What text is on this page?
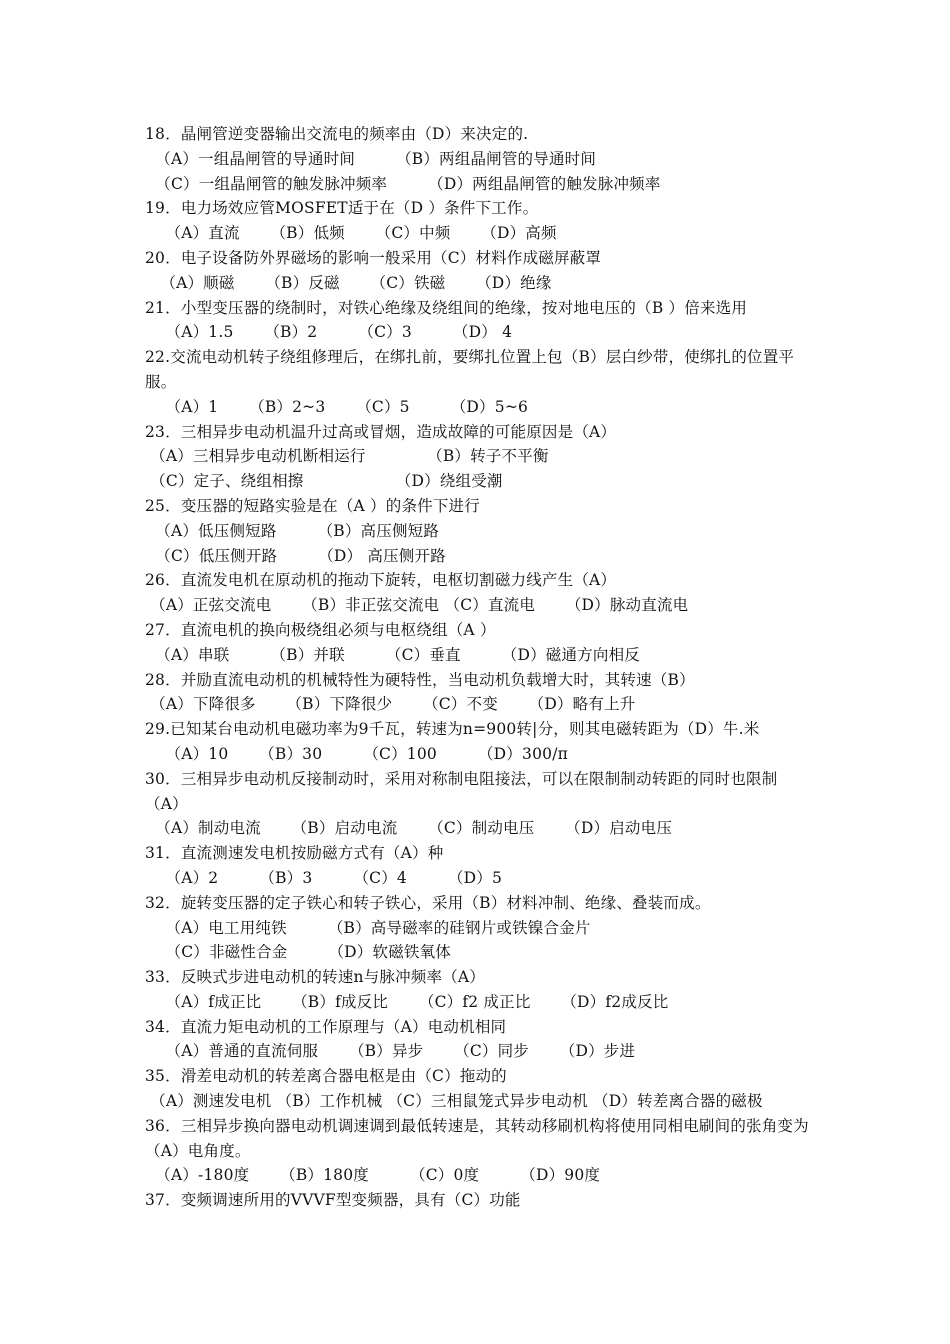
18．晶闸管逆变器输出交流电的频率由（D）来决定的.

（A）一组晶闸管的导通时间        （B）两组晶闸管的导通时间

（C）一组晶闸管的触发脉冲频率        （D）两组晶闸管的触发脉冲频率

19．电力场效应管MOSFET适于在（D ）条件下工作。

（A）直流      （B）低频      （C）中频      （D）高频

20．电子设备防外界磁场的影响一般采用（C）材料作成磁屏蔽罩

（A）顺磁      （B）反磁      （C）铁磁      （D）绝缘

21．小型变压器的绕制时，对铁心绝缘及绕组间的绝缘，按对地电压的（B ）倍来选用

（A）1.5      （B）2        （C）3        （D） 4

22.交流电动机转子绕组修理后，在绑扎前，要绑扎位置上包（B）层白纱带，使绑扎的位置平服。

（A）1      （B）2~3      （C）5        （D）5~6

23．三相异步电动机温升过高或冒烟，造成故障的可能原因是（A）

（A）三相异步电动机断相运行            （B）转子不平衡

（C）定子、绕组相擦                  （D）绕组受潮

25．变压器的短路实验是在（A ）的条件下进行

（A）低压侧短路        （B）高压侧短路

（C）低压侧开路        （D） 高压侧开路

26．直流发电机在原动机的拖动下旋转，电枢切割磁力线产生（A）

（A）正弦交流电      （B）非正弦交流电 （C）直流电      （D）脉动直流电

27．直流电机的换向极绕组必须与电枢绕组（A ）

（A）串联        （B）并联        （C）垂直        （D）磁通方向相反

28．并励直流电动机的机械特性为硬特性，当电动机负载增大时，其转速（B）

（A）下降很多      （B）下降很少      （C）不变      （D）略有上升

29.已知某台电动机电磁功率为9千瓦，转速为n=900转|分，则其电磁转距为（D）牛.米

（A）10      （B）30        （C）100        （D）300/π

30．三相异步电动机反接制动时，采用对称制电阻接法，可以在限制制动转距的同时也限制（A）

（A）制动电流      （B）启动电流      （C）制动电压      （D）启动电压

31．直流测速发电机按励磁方式有（A）种

（A）2        （B）3        （C）4        （D）5

32．旋转变压器的定子铁心和转子铁心，采用（B）材料冲制、绝缘、叠装而成。

（A）电工用纯铁        （B）高导磁率的硅钢片或铁镍合金片

（C）非磁性合金        （D）软磁铁氧体

33．反映式步进电动机的转速n与脉冲频率（A）

（A）f成正比      （B）f成反比      （C）f2 成正比      （D）f2成反比

34．直流力矩电动机的工作原理与（A）电动机相同

（A）普通的直流伺服      （B）异步      （C）同步      （D）步进

35．滑差电动机的转差离合器电枢是由（C）拖动的

（A）测速发电机 （B）工作机械 （C）三相鼠笼式异步电动机 （D）转差离合器的磁极

36．三相异步换向器电动机调速调到最低转速是，其转动移刷机构将使用同相电刷间的张角变为（A）电角度。

（A）-180度      （B）180度        （C）0度        （D）90度

37．变频调速所用的VVVF型变频器，具有（C）功能
